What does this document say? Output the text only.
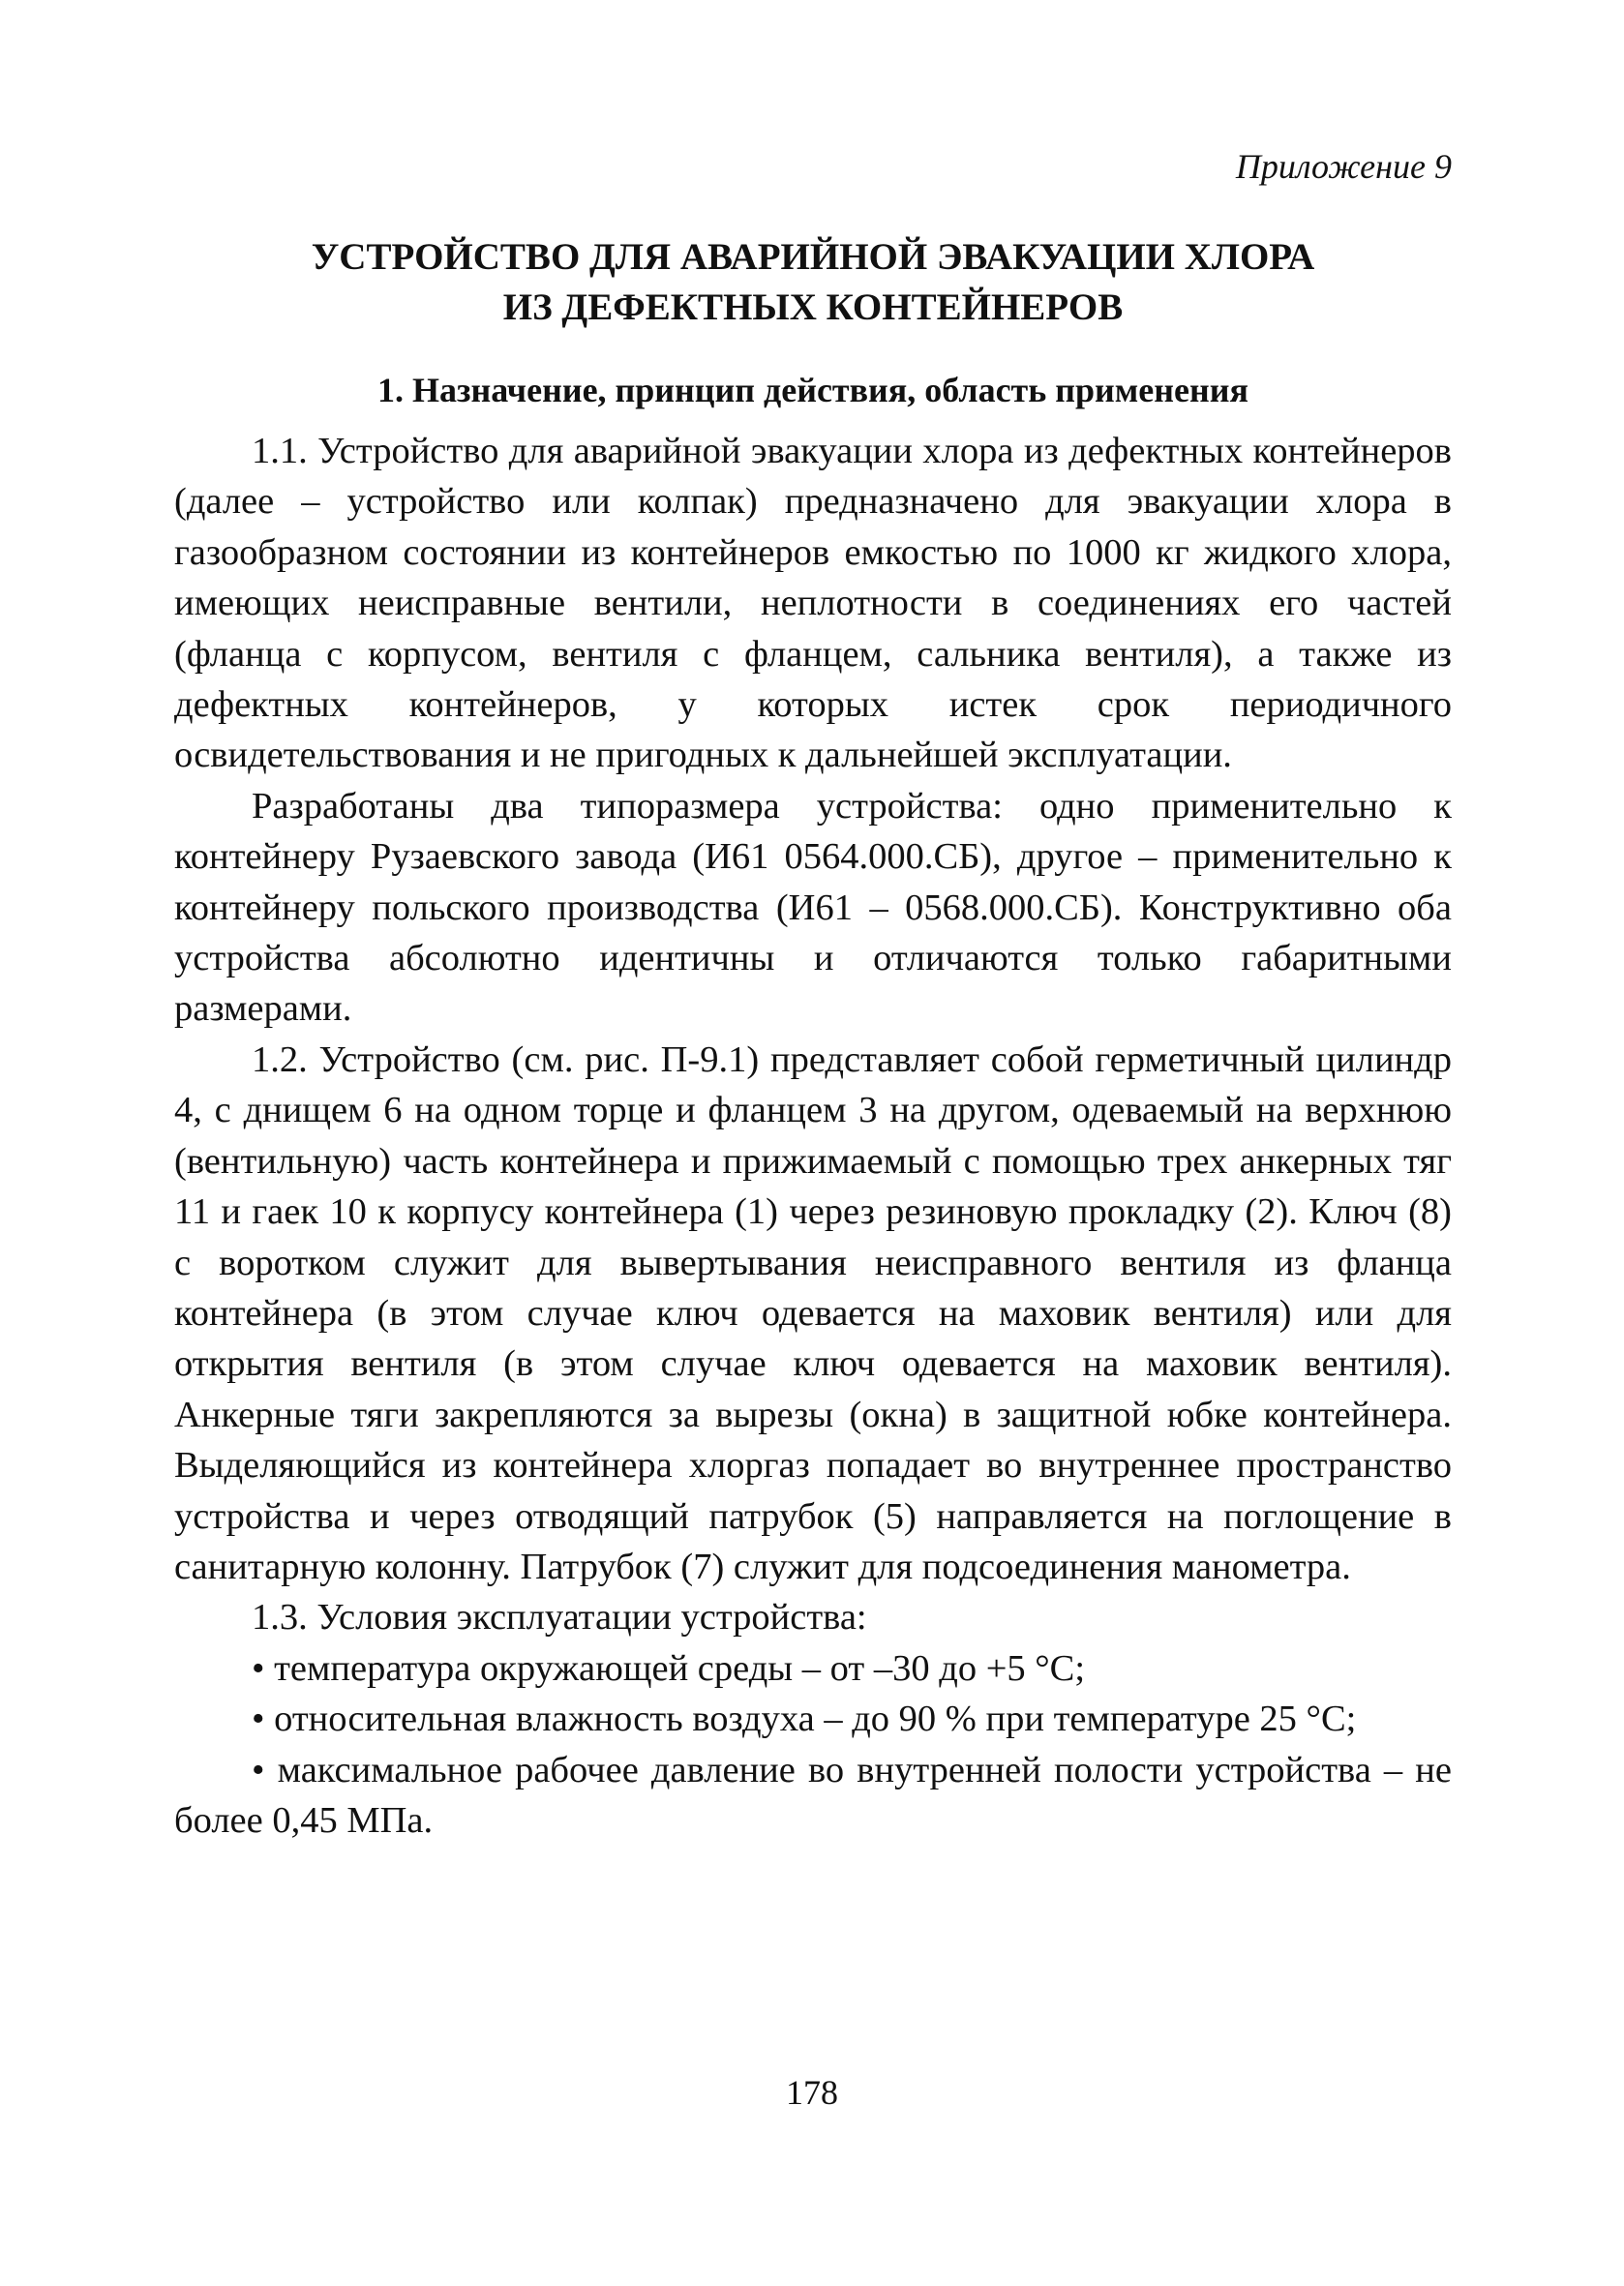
Приложение 9
УСТРОЙСТВО ДЛЯ АВАРИЙНОЙ ЭВАКУАЦИИ ХЛОРА
ИЗ ДЕФЕКТНЫХ КОНТЕЙНЕРОВ
1. Назначение, принцип действия, область применения

1.1. Устройство для аварийной эвакуации хлора из дефектных контейнеров (далее – устройство или колпак) предназначено для эвакуации хлора в газообразном состоянии из контейнеров емкостью по 1000 кг жидкого хлора, имеющих неисправные вентили, неплотности в соединениях его частей (фланца с корпусом, вентиля с фланцем, сальника вентиля), а также из дефектных контейнеров, у которых истек срок периодичного освидетельствования и не пригодных к дальнейшей эксплуатации.

Разработаны два типоразмера устройства: одно применительно к контейнеру Рузаевского завода (И61 0564.000.СБ), другое – применительно к контейнеру польского производства (И61 – 0568.000.СБ). Конструктивно оба устройства абсолютно идентичны и отличаются только габаритными размерами.

1.2. Устройство (см. рис. П-9.1) представляет собой герметичный цилиндр 4, с днищем 6 на одном торце и фланцем 3 на другом, одеваемый на верхнюю (вентильную) часть контейнера и прижимаемый с помощью трех анкерных тяг 11 и гаек 10 к корпусу контейнера (1) через резиновую прокладку (2). Ключ (8) с воротком служит для вывертывания неисправного вентиля из фланца контейнера (в этом случае ключ одевается на маховик вентиля) или для открытия вентиля (в этом случае ключ одевается на маховик вентиля). Анкерные тяги закрепляются за вырезы (окна) в защитной юбке контейнера. Выделяющийся из контейнера хлоргаз попадает во внутреннее пространство устройства и через отводящий патрубок (5) направляется на поглощение в санитарную колонну. Патрубок (7) служит для подсоединения манометра.

1.3. Условия эксплуатации устройства:

• температура окружающей среды – от –30 до +5 °С;

• относительная влажность воздуха – до 90 % при температуре 25 °С;

• максимальное рабочее давление во внутренней полости устройства – не более 0,45 МПа.

178
